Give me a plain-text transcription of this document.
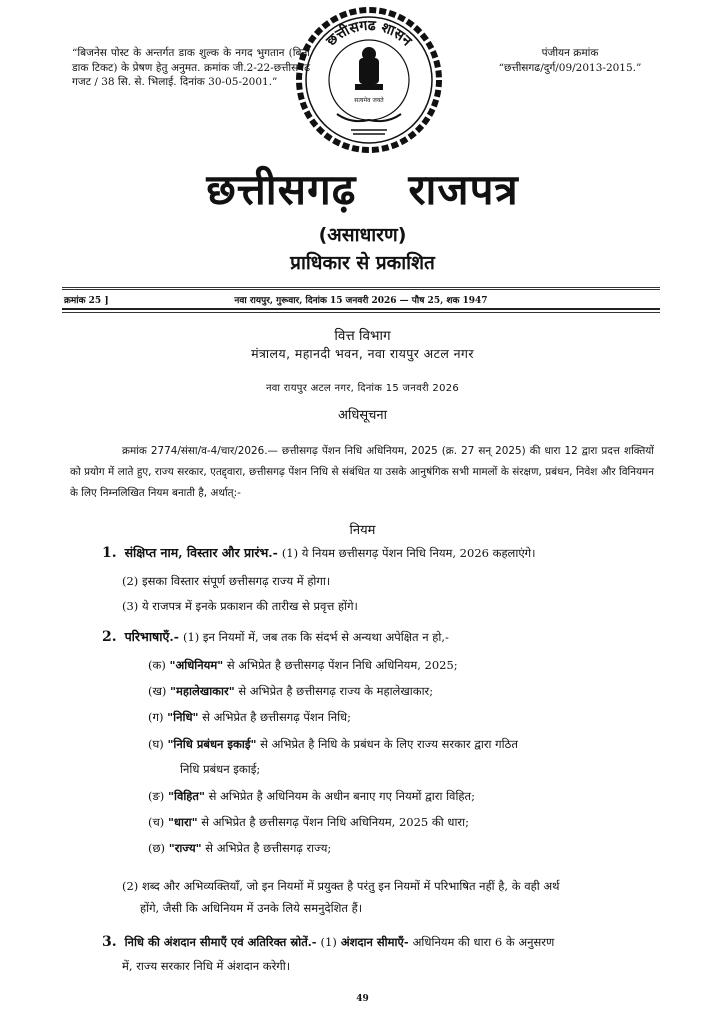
“बिजनेस पोस्ट के अन्तर्गत डाक शुल्क के नगद भुगतान (बिना डाक टिकट) के प्रेषण हेतु अनुमत. क्रमांक जी.2-22-छत्तीसगढ गजट / 38 सि. से. भिलाई. दिनांक 30-05-2001.”
पंजीयन क्रमांक
“छत्तीसगढ/दुर्ग/09/2013-2015.”
छत्तीसगढ शासन
सत्यमेव जयते
छत्तीसगढ़ राजपत्र
(असाधारण)
प्राधिकार से प्रकाशित
क्रमांक 25 ]	नवा रायपुर, गुरूवार, दिनांक 15 जनवरी 2026 — पौष 25, शक 1947
वित्त विभाग
मंत्रालय, महानदी भवन, नवा रायपुर अटल नगर
नवा रायपुर अटल नगर, दिनांक 15 जनवरी 2026
अधिसूचना
क्रमांक 2774/संसा/व-4/चार/2026.— छत्तीसगढ़ पेंशन निधि अधिनियम, 2025 (क्र. 27 सन् 2025) की धारा 12 द्वारा प्रदत्त शक्तियों को प्रयोग में लाते हुए, राज्य सरकार, एतद्द्वारा, छत्तीसगढ़ पेंशन निधि से संबंधित या उसके आनुषंगिक सभी मामलों के संरक्षण, प्रबंधन, निवेश और विनियमन के लिए निम्नलिखित नियम बनाती है, अर्थात्:-
नियम
1. संक्षिप्त नाम, विस्तार और प्रारंभ.- (1) ये नियम छत्तीसगढ़ पेंशन निधि नियम, 2026 कहलाएंगे।
(2) इसका विस्तार संपूर्ण छत्तीसगढ़ राज्य में होगा।
(3) ये राजपत्र में इनके प्रकाशन की तारीख से प्रवृत्त होंगे।
2. परिभाषाएँ.- (1) इन नियमों में, जब तक कि संदर्भ से अन्यथा अपेक्षित न हो,-
(क) "अधिनियम" से अभिप्रेत है छत्तीसगढ़ पेंशन निधि अधिनियम, 2025;
(ख) "महालेखाकार" से अभिप्रेत है छत्तीसगढ़ राज्य के महालेखाकार;
(ग) "निधि" से अभिप्रेत है छत्तीसगढ़ पेंशन निधि;
(घ) "निधि प्रबंधन इकाई" से अभिप्रेत है निधि के प्रबंधन के लिए राज्य सरकार द्वारा गठित
निधि प्रबंधन इकाई;
(ङ) "विहित" से अभिप्रेत है अधिनियम के अधीन बनाए गए नियमों द्वारा विहित;
(च) "धारा" से अभिप्रेत है छत्तीसगढ़ पेंशन निधि अधिनियम, 2025 की धारा;
(छ) "राज्य" से अभिप्रेत है छत्तीसगढ़ राज्य;
(2) शब्द और अभिव्यक्तियाँ, जो इन नियमों में प्रयुक्त है परंतु इन नियमों में परिभाषित नहीं है, के वही अर्थ
होंगे, जैसी कि अधिनियम में उनके लिये समनुदेशित हैं।
3. निधि की अंशदान सीमाएँ एवं अतिरिक्त स्रोतें.- (1) अंशदान सीमाएँ- अधिनियम की धारा 6 के अनुसरण
में, राज्य सरकार निधि में अंशदान करेगी।
49
